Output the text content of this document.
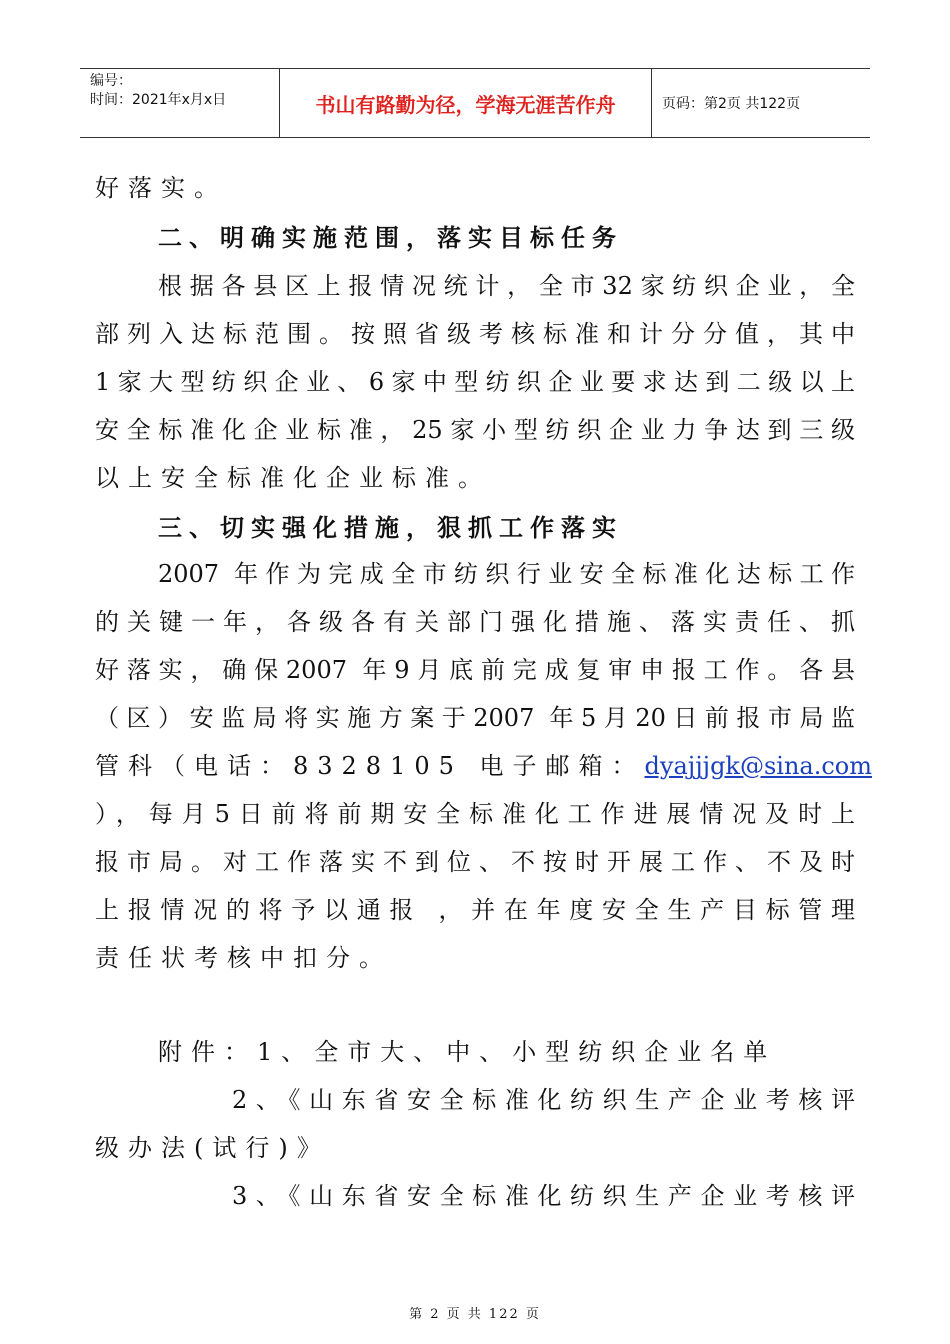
编号：
时间：2021年x月x日	书山有路勤为径，学海无涯苦作舟	页码：第2页 共122页
好落实。
二、明确实施范围，落实目标任务
根据各县区上报情况统计，全市32家纺织企业，全
部列入达标范围。按照省级考核标准和计分分值，其中
1家大型纺织企业、6家中型纺织企业要求达到二级以上
安全标准化企业标准，25家小型纺织企业力争达到三级
以上安全标准化企业标准。
三、切实强化措施，狠抓工作落实
2007 年作为完成全市纺织行业安全标准化达标工作
的关键一年，各级各有关部门强化措施、落实责任、抓
好落实，确保2007 年9月底前完成复审申报工作。各县
（区）安监局将实施方案于2007 年5月20日前报市局监
管科（电话：8328105 电子邮箱： dyajjjgk@sina.com
），每月5日前将前期安全标准化工作进展情况及时上
报市局。对工作落实不到位、不按时开展工作、不及时
上报情况的将予以通报 ，并在年度安全生产目标管理
责任状考核中扣分。
附件：1、全市大、中、小型纺织企业名单
2、《山东省安全标准化纺织生产企业考核评
级办法(试行)》
3、《山东省安全标准化纺织生产企业考核评
第 2 页 共 122 页
